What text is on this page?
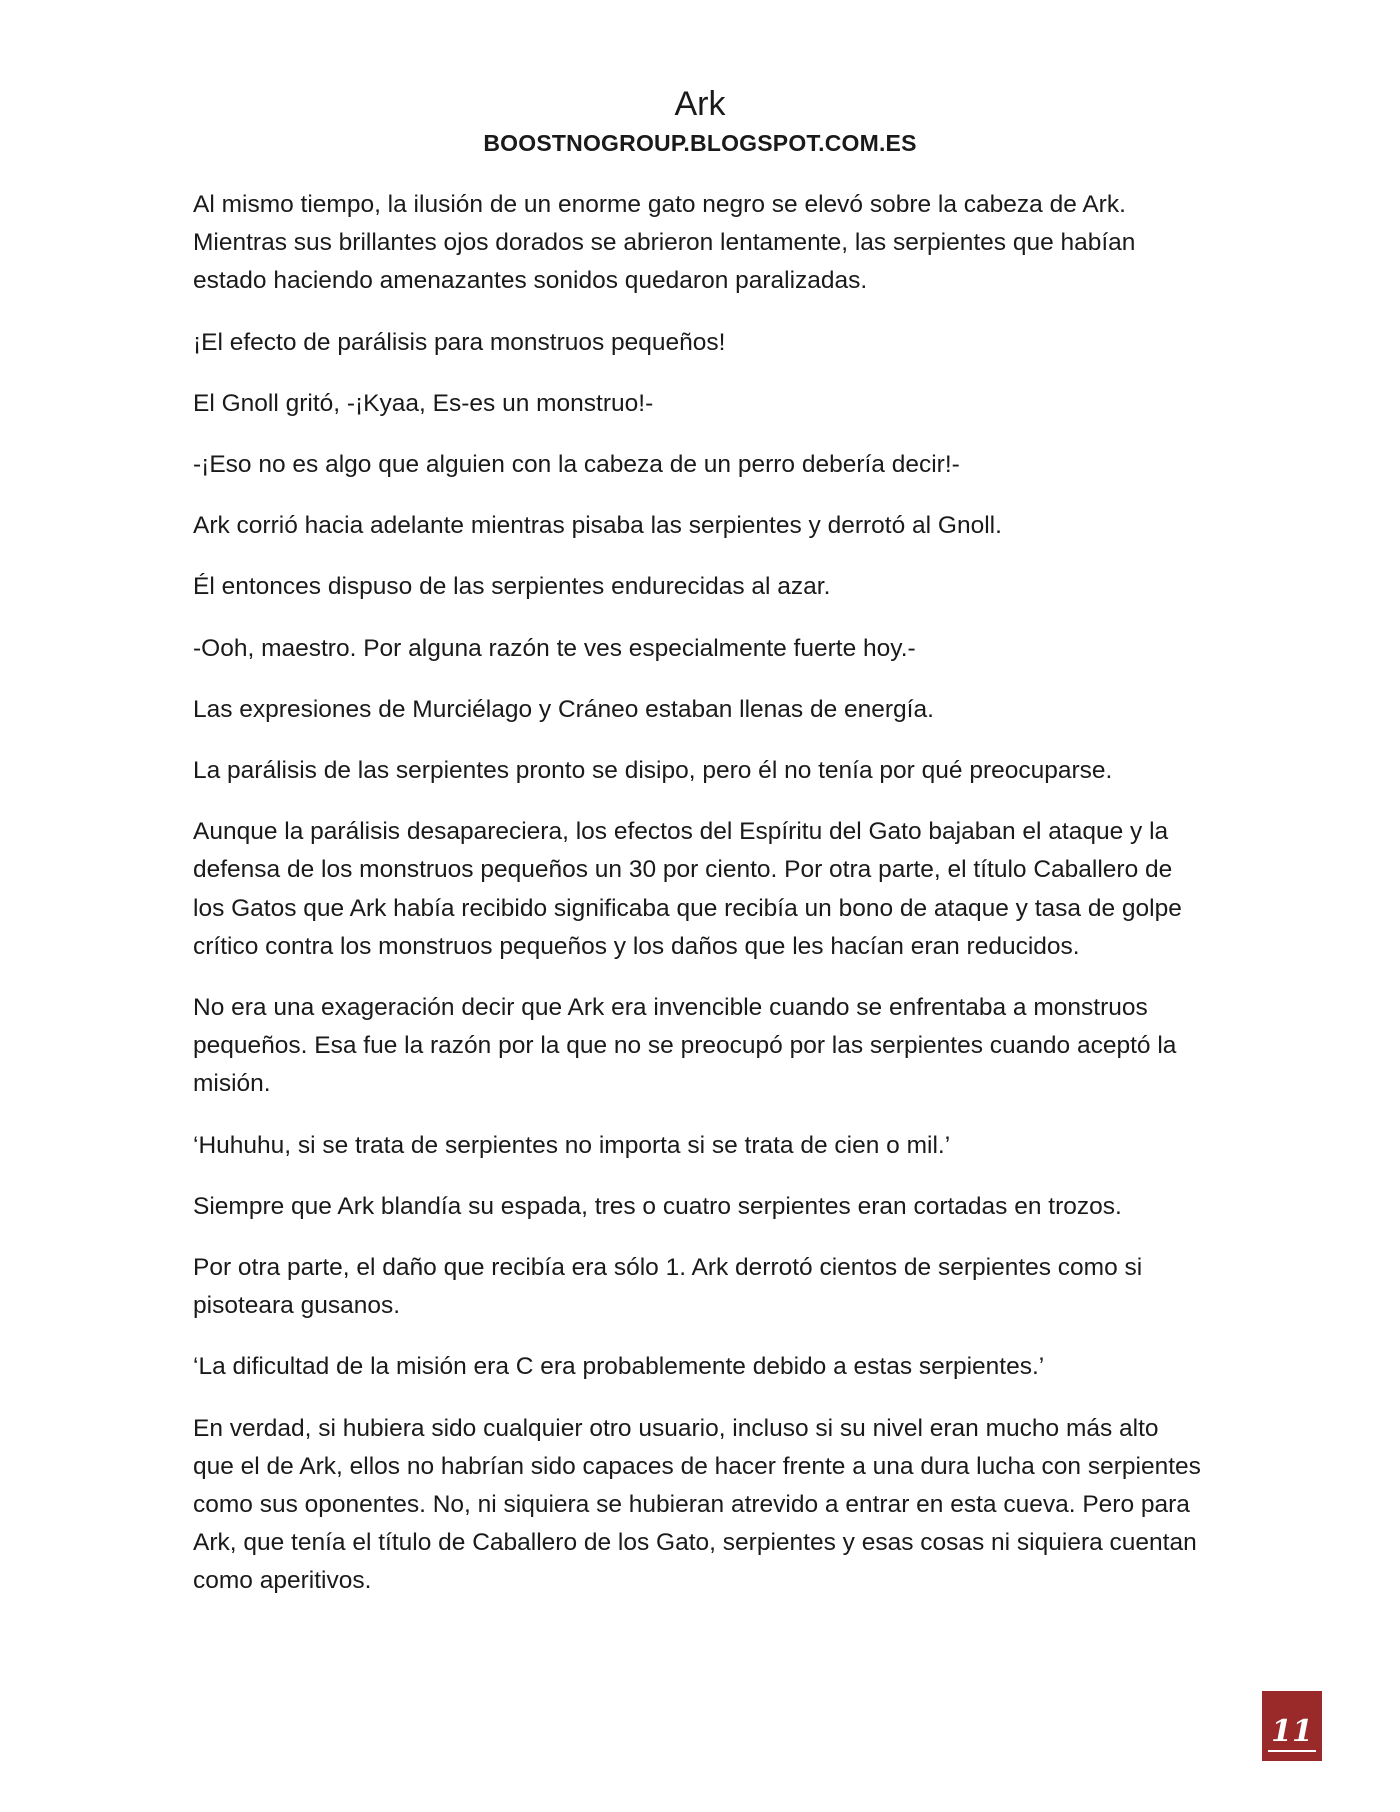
Ark
BOOSTNOGROUP.BLOGSPOT.COM.ES

Al mismo tiempo, la ilusión de un enorme gato negro se elevó sobre la cabeza de Ark. Mientras sus brillantes ojos dorados se abrieron lentamente, las serpientes que habían estado haciendo amenazantes sonidos quedaron paralizadas.

¡El efecto de parálisis para monstruos pequeños!

El Gnoll gritó, -¡Kyaa, Es-es un monstruo!-

-¡Eso no es algo que alguien con la cabeza de un perro debería decir!-

Ark corrió hacia adelante mientras pisaba las serpientes y derrotó al Gnoll.

Él entonces dispuso de las serpientes endurecidas al azar.

-Ooh, maestro. Por alguna razón te ves especialmente fuerte hoy.-

Las expresiones de Murciélago y Cráneo estaban llenas de energía.

La parálisis de las serpientes pronto se disipo, pero él no tenía por qué preocuparse.

Aunque la parálisis desapareciera, los efectos del Espíritu del Gato bajaban el ataque y la defensa de los monstruos pequeños un 30 por ciento. Por otra parte, el título Caballero de los Gatos que Ark había recibido significaba que recibía un bono de ataque y tasa de golpe crítico contra los monstruos pequeños y los daños que les hacían eran reducidos.

No era una exageración decir que Ark era invencible cuando se enfrentaba a monstruos pequeños. Esa fue la razón por la que no se preocupó por las serpientes cuando aceptó la misión.

‘Huhuhu, si se trata de serpientes no importa si se trata de cien o mil.’

Siempre que Ark blandía su espada, tres o cuatro serpientes eran cortadas en trozos.

Por otra parte, el daño que recibía era sólo 1. Ark derrotó cientos de serpientes como si pisoteara gusanos.

‘La dificultad de la misión era C era probablemente debido a estas serpientes.’

En verdad, si hubiera sido cualquier otro usuario, incluso si su nivel eran mucho más alto que el de Ark, ellos no habrían sido capaces de hacer frente a una dura lucha con serpientes como sus oponentes. No, ni siquiera se hubieran atrevido a entrar en esta cueva. Pero para Ark, que tenía el título de Caballero de los Gato, serpientes y esas cosas ni siquiera cuentan como aperitivos.

11
